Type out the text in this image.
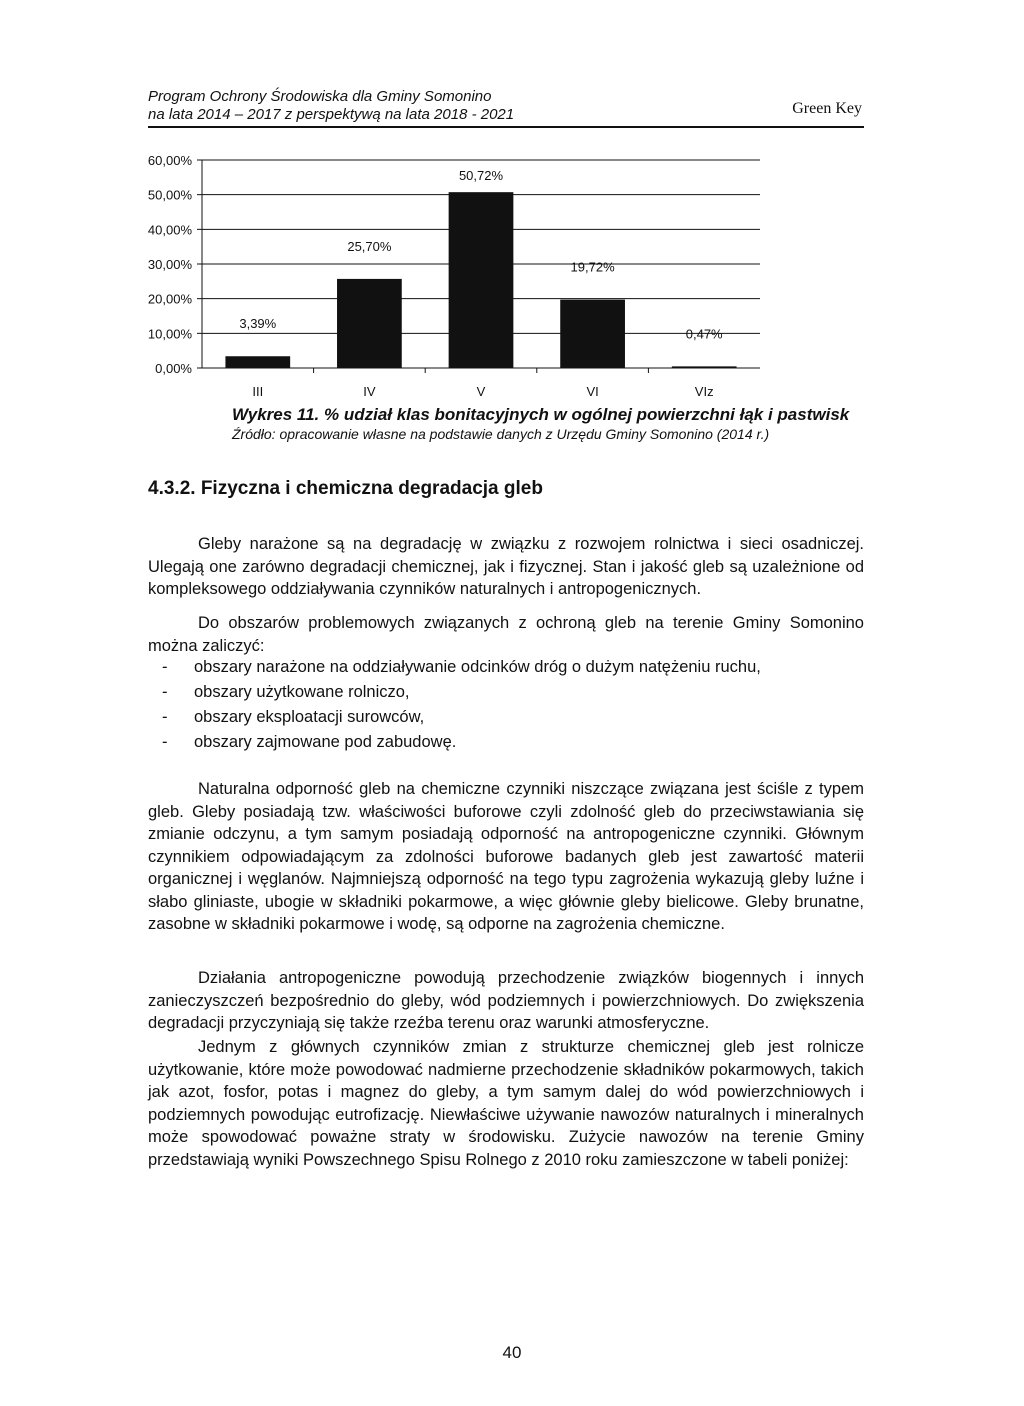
Program Ochrony Środowiska dla Gminy Somonino
na lata 2014 – 2017 z perspektywą na lata 2018 - 2021	Green Key
0,00%
10,00%
20,00%
30,00%
40,00%
50,00%
60,00%
3,39%
25,70%
50,72%
19,72%
0,47%
III	IV	V	VI	VIz
Wykres 11. % udział klas bonitacyjnych w ogólnej powierzchni łąk i pastwisk
Źródło: opracowanie własne na podstawie danych z Urzędu Gminy Somonino (2014 r.)
4.3.2. Fizyczna i chemiczna degradacja gleb

Gleby narażone są na degradację w związku z rozwojem rolnictwa i sieci osadniczej. Ulegają one zarówno degradacji chemicznej, jak i fizycznej. Stan i jakość gleb są uzależnione od kompleksowego oddziaływania czynników naturalnych i antropogenicznych.

Do obszarów problemowych związanych z ochroną gleb na terenie Gminy Somonino można zaliczyć:

- obszary narażone na oddziaływanie odcinków dróg o dużym natężeniu ruchu,
- obszary użytkowane rolniczo,
- obszary eksploatacji surowców,
- obszary zajmowane pod zabudowę.

Naturalna odporność gleb na chemiczne czynniki niszczące związana jest ściśle z typem gleb. Gleby posiadają tzw. właściwości buforowe czyli zdolność gleb do przeciwstawiania się zmianie odczynu, a tym samym posiadają odporność na antropogeniczne czynniki. Głównym czynnikiem odpowiadającym za zdolności buforowe badanych gleb jest zawartość materii organicznej i węglanów. Najmniejszą odporność na tego typu zagrożenia wykazują gleby luźne i słabo gliniaste, ubogie w składniki pokarmowe, a więc głównie gleby bielicowe. Gleby brunatne, zasobne w składniki pokarmowe i wodę, są odporne na zagrożenia chemiczne.

Działania antropogeniczne powodują przechodzenie związków biogennych i innych zanieczyszczeń bezpośrednio do gleby, wód podziemnych i powierzchniowych. Do zwiększenia degradacji przyczyniają się także rzeźba terenu oraz warunki atmosferyczne.

Jednym z głównych czynników zmian z strukturze chemicznej gleb jest rolnicze użytkowanie, które może powodować nadmierne przechodzenie składników pokarmowych, takich jak azot, fosfor, potas i magnez do gleby, a tym samym dalej do wód powierzchniowych i podziemnych powodując eutrofizację. Niewłaściwe używanie nawozów naturalnych i mineralnych może spowodować poważne straty w środowisku. Zużycie nawozów na terenie Gminy przedstawiają wyniki Powszechnego Spisu Rolnego z 2010 roku zamieszczone w tabeli poniżej:

40
